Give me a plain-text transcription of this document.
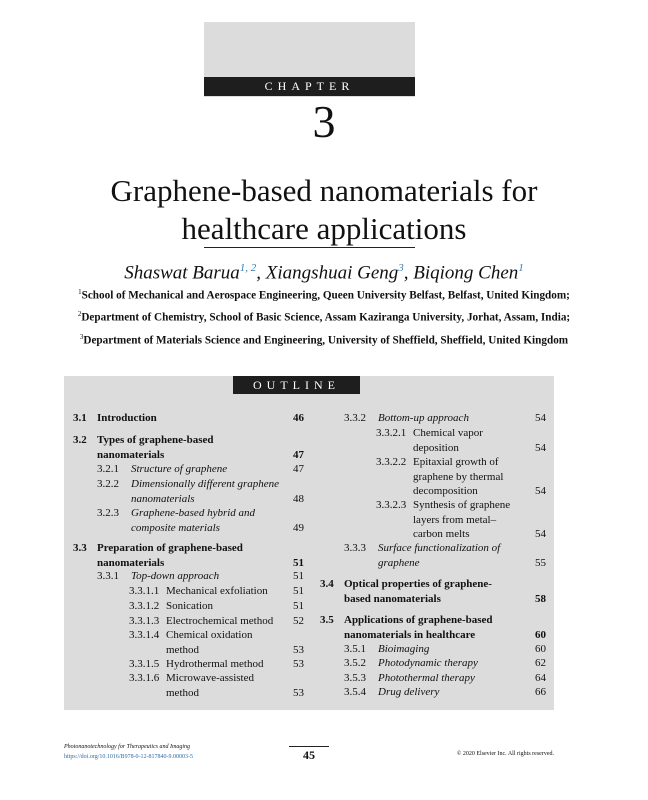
CHAPTER
3
Graphene-based nanomaterials for
healthcare applications
Shaswat Barua$^{1, 2}$, Xiangshuai Geng$^3$, Biqiong Chen$^1$
$^1$School of Mechanical and Aerospace Engineering, Queen University Belfast, Belfast, United Kingdom; $^2$Department of Chemistry, School of Basic Science, Assam Kaziranga University, Jorhat, Assam, India; $^3$Department of Materials Science and Engineering, University of Sheffield, Sheffield, United Kingdom
OUTLINE
3.1 Introduction	46
3.2 Types of graphene-based
nanomaterials	47
3.2.1 Structure of graphene	47
3.2.2 Dimensionally different graphene
nanomaterials	48
3.2.3 Graphene-based hybrid and
composite materials	49
3.3 Preparation of graphene-based
nanomaterials	51
3.3.1 Top-down approach	51
3.3.1.1 Mechanical exfoliation 51
3.3.1.2 Sonication	51
3.3.1.3 Electrochemical method 52
3.3.1.4 Chemical oxidation
method	53
3.3.1.5 Hydrothermal method	53
3.3.1.6 Microwave-assisted
method	53
3.3.2 Bottom-up approach	54
3.3.2.1 Chemical vapor
deposition	54
3.3.2.2 Epitaxial growth of
graphene by thermal
decomposition	54
3.3.2.3 Synthesis of graphene
layers from metal–
carbon melts	54
3.3.3 Surface functionalization of
graphene	55
3.4 Optical properties of graphene-
based nanomaterials	58
3.5 Applications of graphene-based
nanomaterials in healthcare	60
3.5.1 Bioimaging	60
3.5.2 Photodynamic therapy	62
3.5.3 Photothermal therapy	64
3.5.4 Drug delivery	66
Photonanotechnology for Therapeutics and Imaging
https://doi.org/10.1016/B978-0-12-817840-9.00003-5	45	© 2020 Elsevier Inc. All rights reserved.
